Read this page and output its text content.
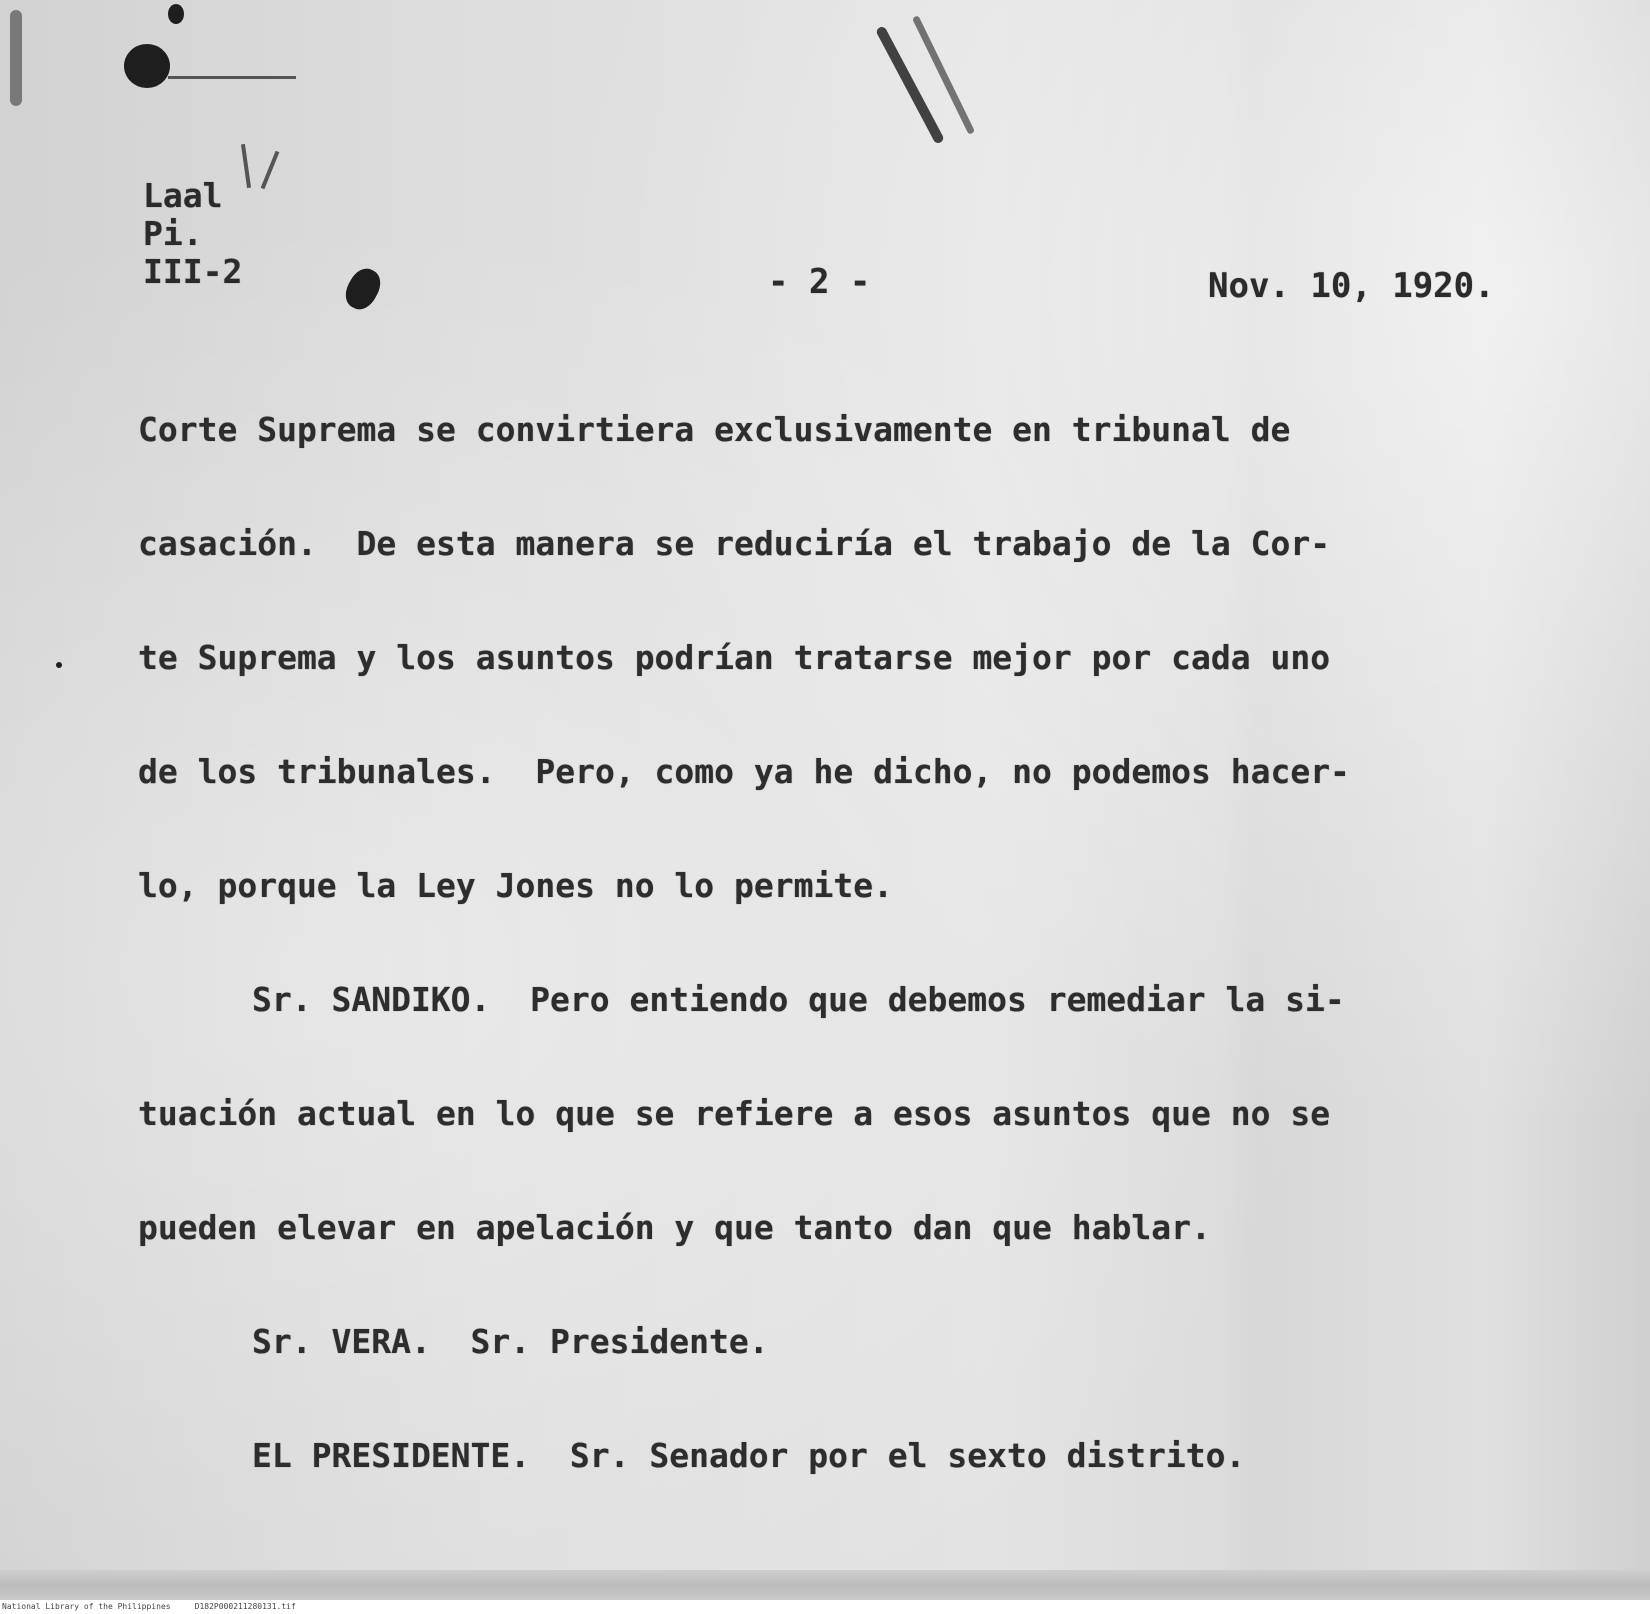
Laal
Pi.
III-2	- 2 -	Nov. 10, 1920.
Corte Suprema se convirtiera exclusivamente en tribunal de
casación.  De esta manera se reduciría el trabajo de la Cor-
te Suprema y los asuntos podrían tratarse mejor por cada uno
de los tribunales.  Pero, como ya he dicho, no podemos hacer-
lo, porque la Ley Jones no lo permite.
Sr. SANDIKO.  Pero entiendo que debemos remediar la si-
tuación actual en lo que se refiere a esos asuntos que no se
pueden elevar en apelación y que tanto dan que hablar.
Sr. VERA.  Sr. Presidente.
EL PRESIDENTE.  Sr. Senador por el sexto distrito.
National Library of the Philippines     D182P000211280131.tif
